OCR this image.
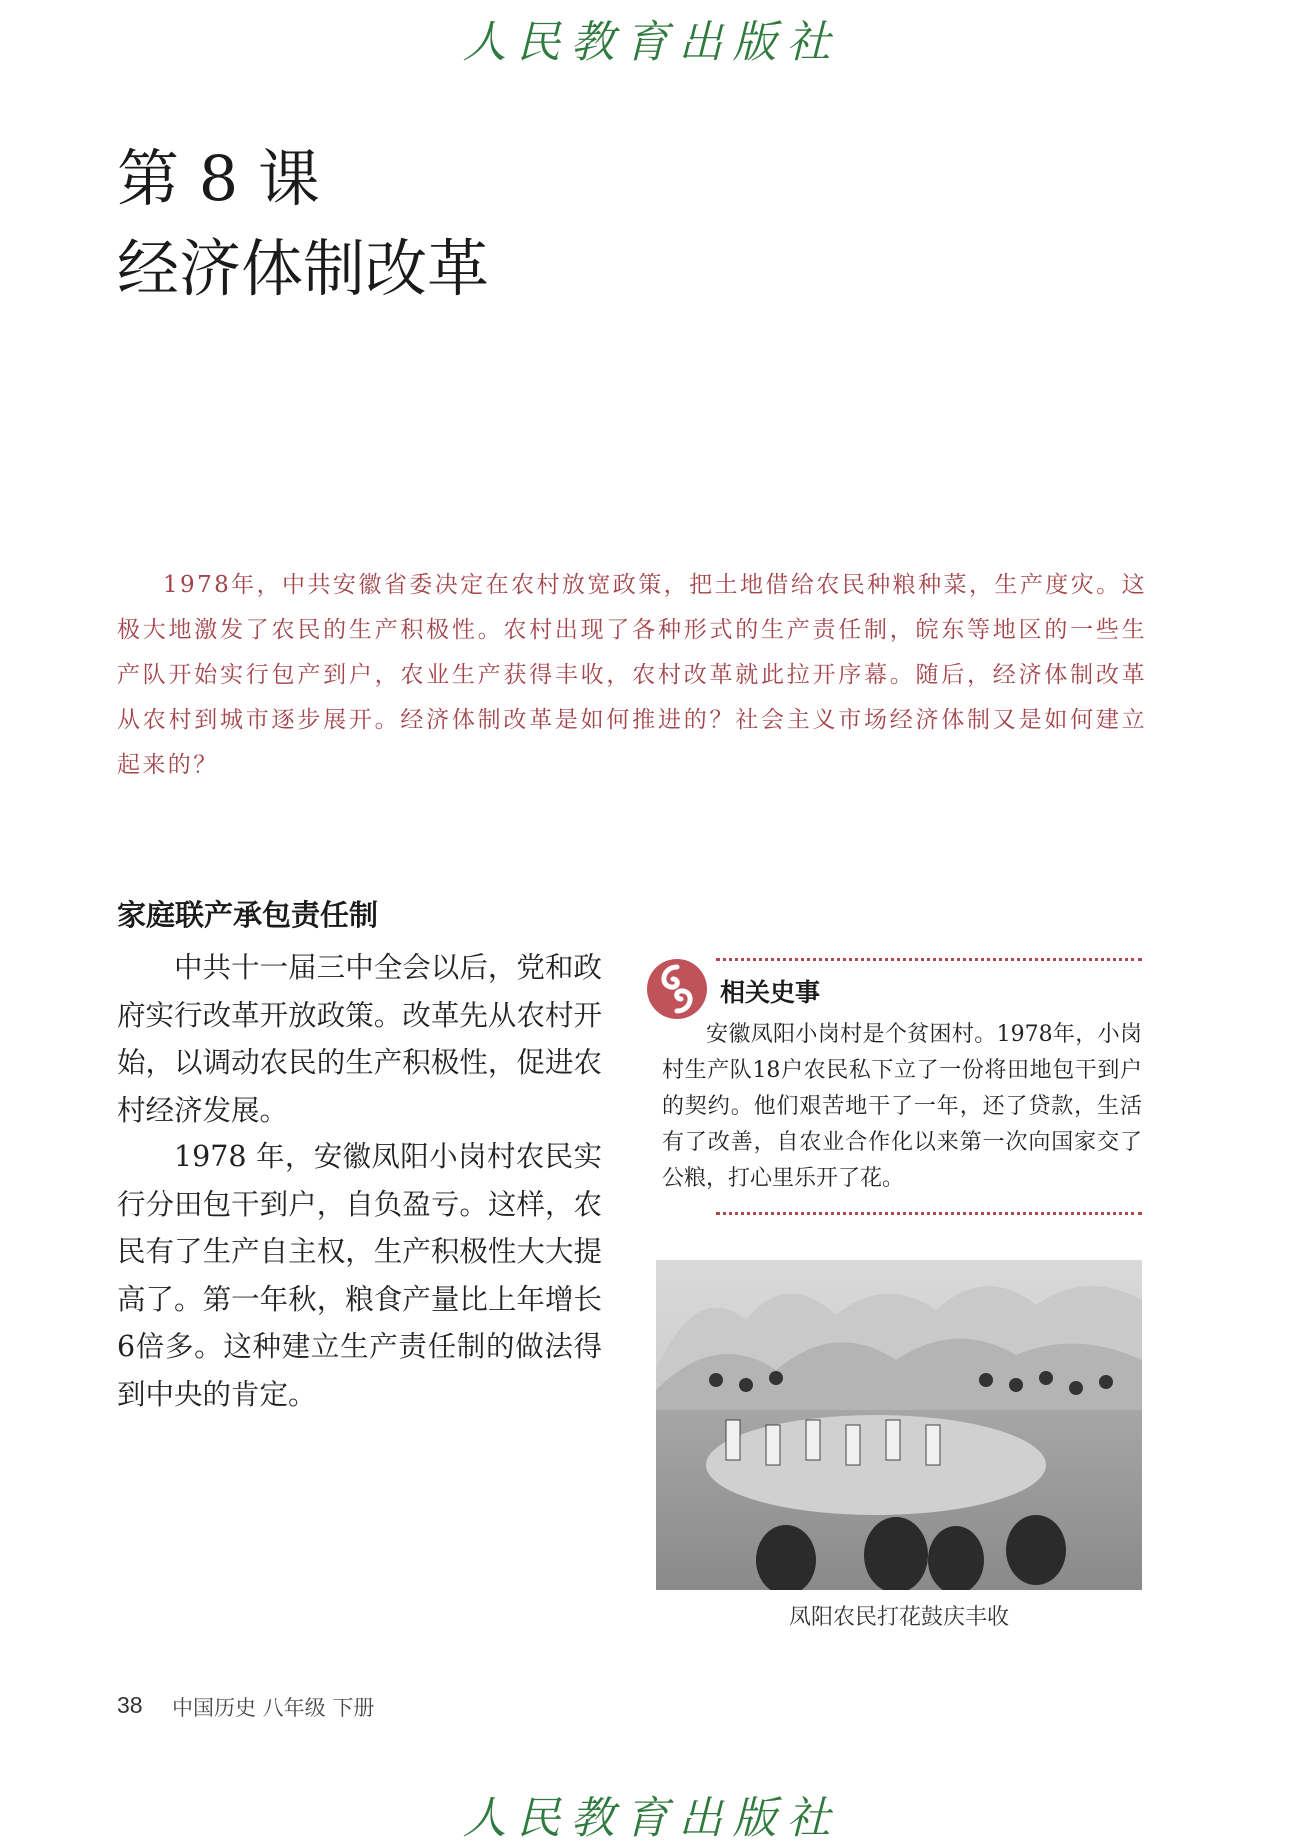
人民教育出版社
第 8 课
经济体制改革
1978年，中共安徽省委决定在农村放宽政策，把土地借给农民种粮种菜，生产度灾。这极大地激发了农民的生产积极性。农村出现了各种形式的生产责任制，皖东等地区的一些生产队开始实行包产到户，农业生产获得丰收，农村改革就此拉开序幕。随后，经济体制改革从农村到城市逐步展开。经济体制改革是如何推进的？社会主义市场经济体制又是如何建立起来的？
家庭联产承包责任制

中共十一届三中全会以后，党和政府实行改革开放政策。改革先从农村开始，以调动农民的生产积极性，促进农村经济发展。

1978 年，安徽凤阳小岗村农民实行分田包干到户，自负盈亏。这样，农民有了生产自主权，生产积极性大大提高了。第一年秋，粮食产量比上年增长6倍多。这种建立生产责任制的做法得到中央的肯定。

相关史事
安徽凤阳小岗村是个贫困村。1978年，小岗村生产队18户农民私下立了一份将田地包干到户的契约。他们艰苦地干了一年，还了贷款，生活有了改善，自农业合作化以来第一次向国家交了公粮，打心里乐开了花。
凤阳农民打花鼓庆丰收
38 中国历史 八年级 下册
人民教育出版社
